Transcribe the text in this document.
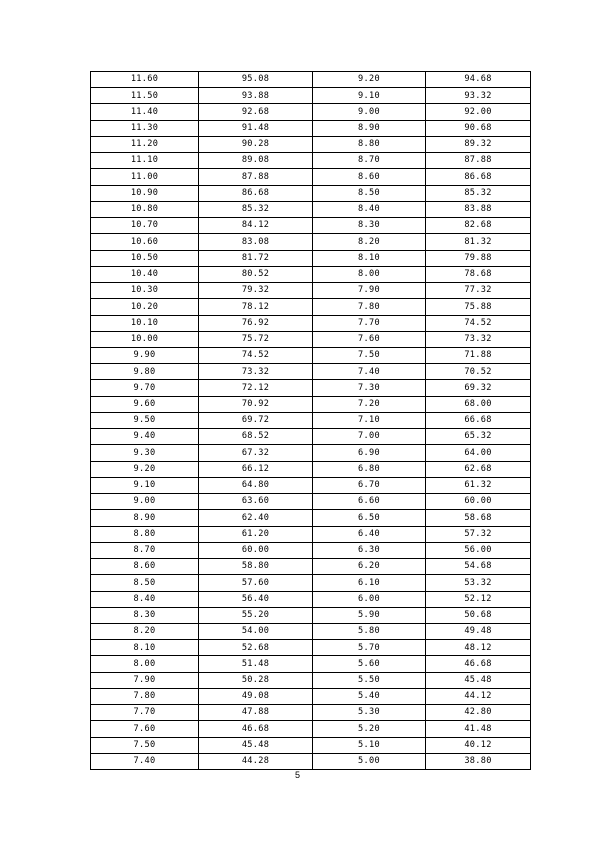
11.60	95.08	9.20	94.68
11.50	93.88	9.10	93.32
11.40	92.68	9.00	92.00
11.30	91.48	8.90	90.68
11.20	90.28	8.80	89.32
11.10	89.08	8.70	87.88
11.00	87.88	8.60	86.68
10.90	86.68	8.50	85.32
10.80	85.32	8.40	83.88
10.70	84.12	8.30	82.68
10.60	83.08	8.20	81.32
10.50	81.72	8.10	79.88
10.40	80.52	8.00	78.68
10.30	79.32	7.90	77.32
10.20	78.12	7.80	75.88
10.10	76.92	7.70	74.52
10.00	75.72	7.60	73.32
9.90	74.52	7.50	71.88
9.80	73.32	7.40	70.52
9.70	72.12	7.30	69.32
9.60	70.92	7.20	68.00
9.50	69.72	7.10	66.68
9.40	68.52	7.00	65.32
9.30	67.32	6.90	64.00
9.20	66.12	6.80	62.68
9.10	64.80	6.70	61.32
9.00	63.60	6.60	60.00
8.90	62.40	6.50	58.68
8.80	61.20	6.40	57.32
8.70	60.00	6.30	56.00
8.60	58.80	6.20	54.68
8.50	57.60	6.10	53.32
8.40	56.40	6.00	52.12
8.30	55.20	5.90	50.68
8.20	54.00	5.80	49.48
8.10	52.68	5.70	48.12
8.00	51.48	5.60	46.68
7.90	50.28	5.50	45.48
7.80	49.08	5.40	44.12
7.70	47.88	5.30	42.80
7.60	46.68	5.20	41.48
7.50	45.48	5.10	40.12
7.40	44.28	5.00	38.80
5
